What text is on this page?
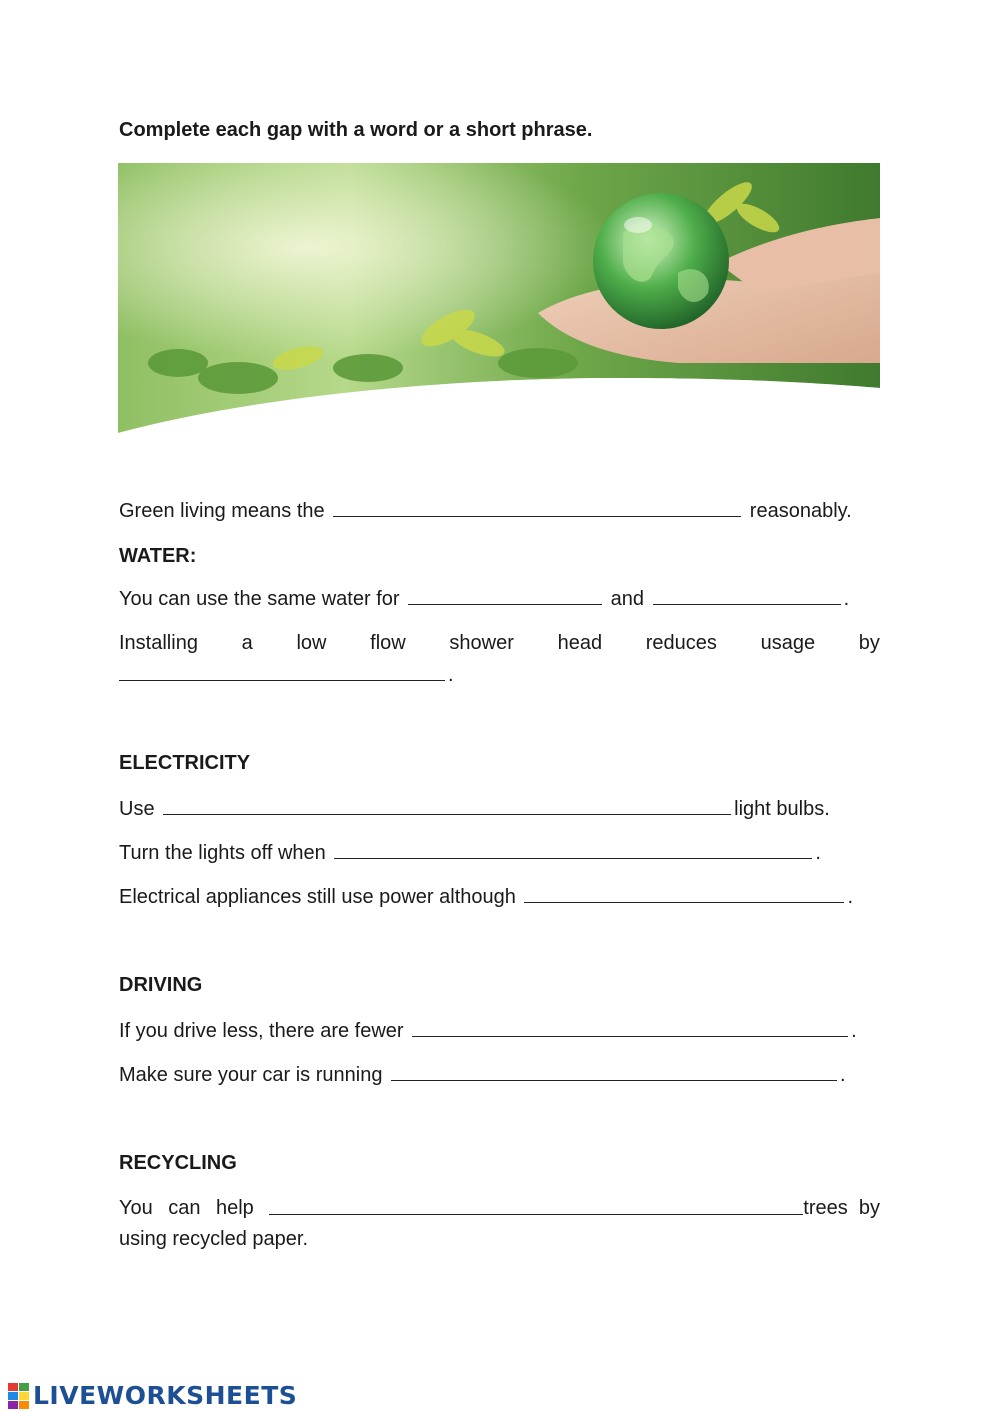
Complete each gap with a word or a short phrase.

Green living means the	reasonably.

WATER:

You can use the same water for	and	.

Installing a low flow shower head reduces usage by

.

ELECTRICITY

Use	light bulbs.

Turn the lights off when	.

Electrical appliances still use power although	.

DRIVING

If you drive less, there are fewer	.

Make sure your car is running	.

RECYCLING

You can help	trees  by

using recycled paper.

LIVEWORKSHEETS
